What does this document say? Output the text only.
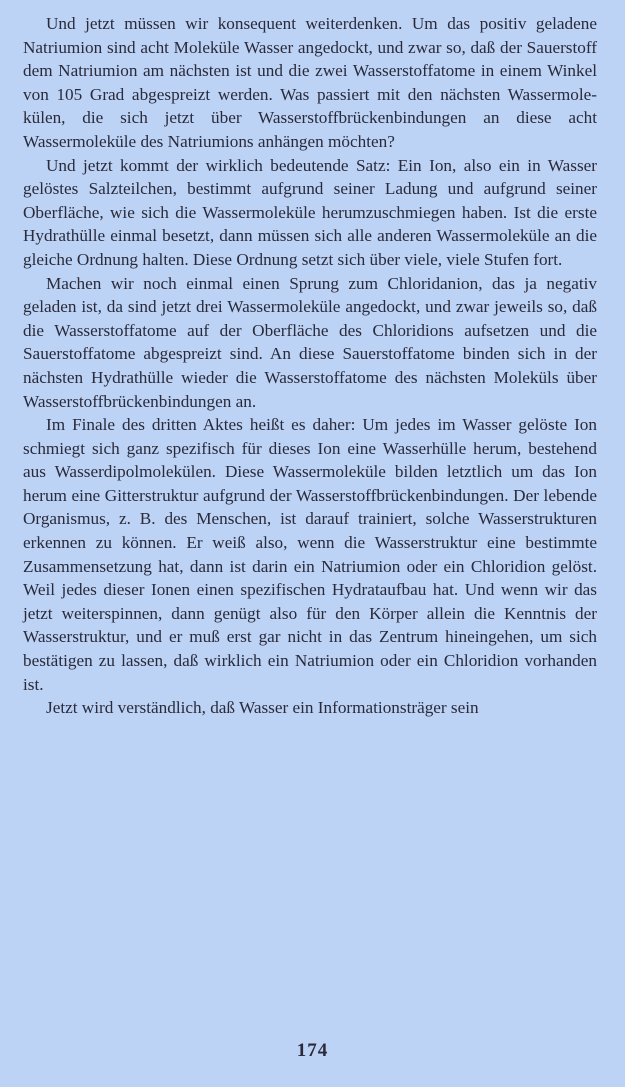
Und jetzt müssen wir konsequent weiterdenken. Um das positiv geladene Natriumion sind acht Moleküle Wasser angedockt, und zwar so, daß der Sauerstoff dem Natriumion am nächsten ist und die zwei Wasserstoffatome in einem Winkel von 105 Grad abgespreizt werden. Was passiert mit den nächsten Wassermolekülen, die sich jetzt über Wasserstoffbrückenbindungen an diese acht Wassermoleküle des Natriumions anhängen möchten?

Und jetzt kommt der wirklich bedeutende Satz: Ein Ion, also ein in Wasser gelöstes Salzteilchen, bestimmt aufgrund seiner Ladung und aufgrund seiner Oberfläche, wie sich die Wassermoleküle herumzuschmiegen haben. Ist die erste Hydrathülle einmal besetzt, dann müssen sich alle anderen Wassermoleküle an die gleiche Ordnung halten. Diese Ordnung setzt sich über viele, viele Stufen fort.

Machen wir noch einmal einen Sprung zum Chloridanion, das ja negativ geladen ist, da sind jetzt drei Wassermoleküle angedockt, und zwar jeweils so, daß die Wasserstoffatome auf der Oberfläche des Chloridions aufsetzen und die Sauerstoffatome abgespreizt sind. An diese Sauerstoffatome binden sich in der nächsten Hydrathülle wieder die Wasserstoffatome des nächsten Moleküls über Wasserstoffbrückenbindungen an.

Im Finale des dritten Aktes heißt es daher: Um jedes im Wasser gelöste Ion schmiegt sich ganz spezifisch für dieses Ion eine Wasserhülle herum, bestehend aus Wasserdipolmolekülen. Diese Wassermoleküle bilden letztlich um das Ion herum eine Gitterstruktur aufgrund der Wasserstoffbrückenbindungen. Der lebende Organismus, z. B. des Menschen, ist darauf trainiert, solche Wasserstrukturen erkennen zu können. Er weiß also, wenn die Wasserstruktur eine bestimmte Zusammensetzung hat, dann ist darin ein Natriumion oder ein Chloridion gelöst. Weil jedes dieser Ionen einen spezifischen Hydrataufbau hat. Und wenn wir das jetzt weiterspinnen, dann genügt also für den Körper allein die Kenntnis der Wasserstruktur, und er muß erst gar nicht in das Zentrum hineingehen, um sich bestätigen zu lassen, daß wirklich ein Natriumion oder ein Chloridion vorhanden ist.

Jetzt wird verständlich, daß Wasser ein Informationsträger sein

174
